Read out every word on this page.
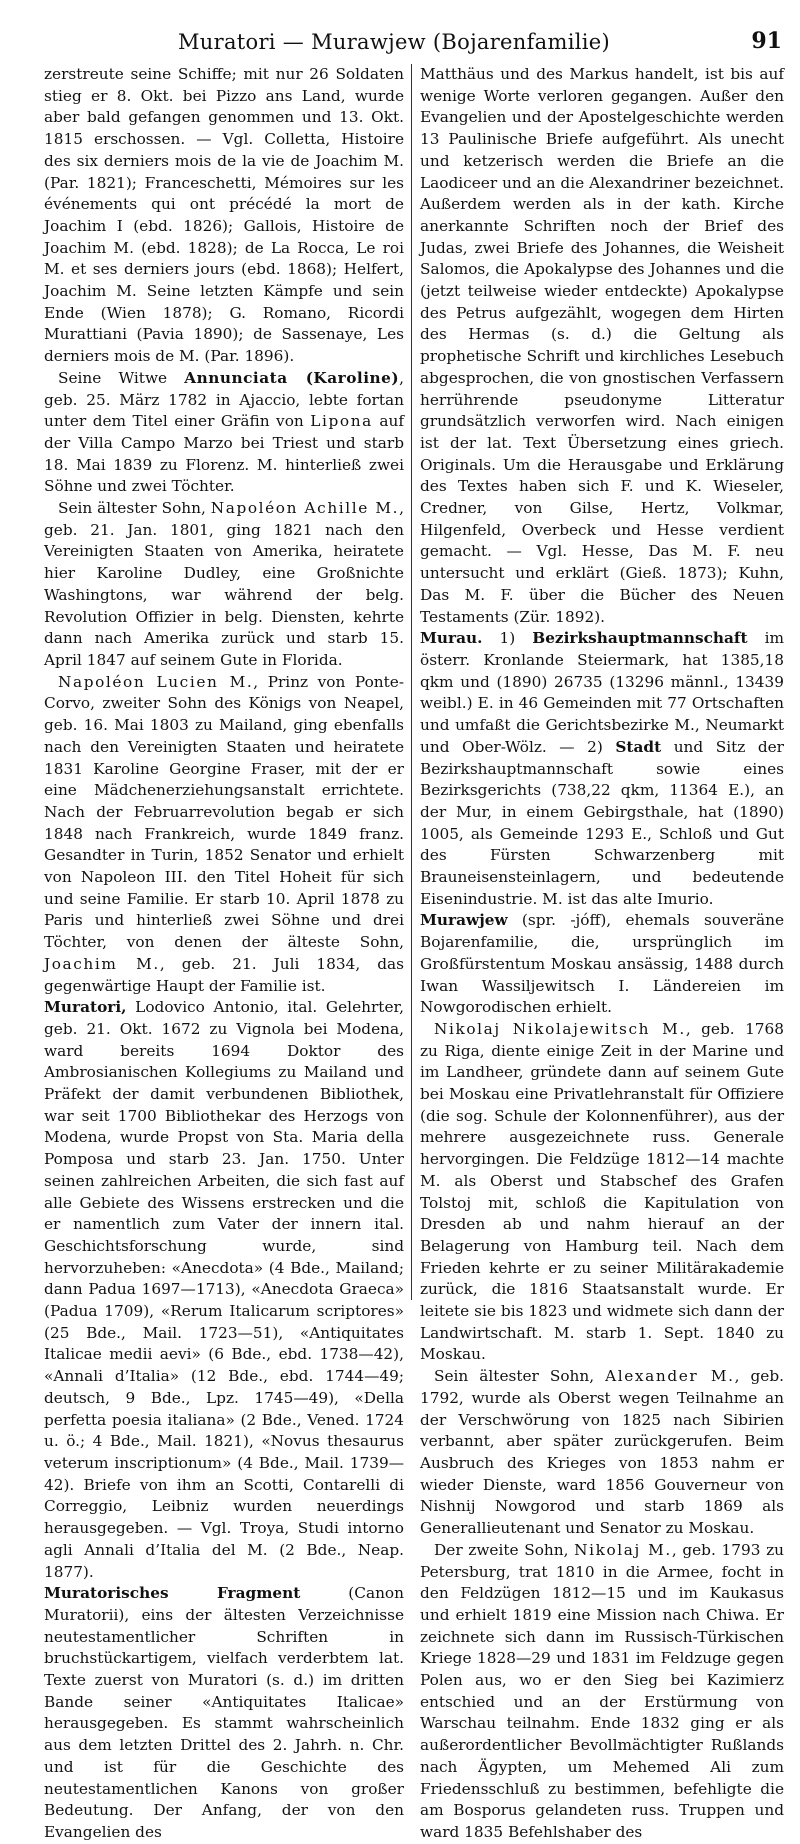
Muratori — Murawjew (Bojarenfamilie)	91

zerstreute seine Schiffe; mit nur 26 Soldaten stieg er 8. Okt. bei Pizzo ans Land, wurde aber bald gefangen genommen und 13. Okt. 1815 erschossen. — Vgl. Colletta, Histoire des six derniers mois de la vie de Joachim M. (Par. 1821); Franceschetti, Mémoires sur les événements qui ont précédé la mort de Joachim I (ebd. 1826); Gallois, Histoire de Joachim M. (ebd. 1828); de La Rocca, Le roi M. et ses derniers jours (ebd. 1868); Helfert, Joachim M. Seine letzten Kämpfe und sein Ende (Wien 1878); G. Romano, Ricordi Murattiani (Pavia 1890); de Sassenaye, Les derniers mois de M. (Par. 1896).

Seine Witwe Annunciata (Karoline), geb. 25. März 1782 in Ajaccio, lebte fortan unter dem Titel einer Gräfin von Lipona auf der Villa Campo Marzo bei Triest und starb 18. Mai 1839 zu Florenz. M. hinterließ zwei Söhne und zwei Töchter.

Sein ältester Sohn, Napoléon Achille M., geb. 21. Jan. 1801, ging 1821 nach den Vereinigten Staaten von Amerika, heiratete hier Karoline Dudley, eine Großnichte Washingtons, war während der belg. Revolution Offizier in belg. Diensten, kehrte dann nach Amerika zurück und starb 15. April 1847 auf seinem Gute in Florida.

Napoléon Lucien M., Prinz von Ponte-Corvo, zweiter Sohn des Königs von Neapel, geb. 16. Mai 1803 zu Mailand, ging ebenfalls nach den Vereinigten Staaten und heiratete 1831 Karoline Georgine Fraser, mit der er eine Mädchenerziehungsanstalt errichtete. Nach der Februarrevolution begab er sich 1848 nach Frankreich, wurde 1849 franz. Gesandter in Turin, 1852 Senator und erhielt von Napoleon III. den Titel Hoheit für sich und seine Familie. Er starb 10. April 1878 zu Paris und hinterließ zwei Söhne und drei Töchter, von denen der älteste Sohn, Joachim M., geb. 21. Juli 1834, das gegenwärtige Haupt der Familie ist.

Muratori, Lodovico Antonio, ital. Gelehrter, geb. 21. Okt. 1672 zu Vignola bei Modena, ward bereits 1694 Doktor des Ambrosianischen Kollegiums zu Mailand und Präfekt der damit verbundenen Bibliothek, war seit 1700 Bibliothekar des Herzogs von Modena, wurde Propst von Sta. Maria della Pomposa und starb 23. Jan. 1750. Unter seinen zahlreichen Arbeiten, die sich fast auf alle Gebiete des Wissens erstrecken und die er namentlich zum Vater der innern ital. Geschichtsforschung wurde, sind hervorzuheben: «Anecdota» (4 Bde., Mailand; dann Padua 1697—1713), «Anecdota Graeca» (Padua 1709), «Rerum Italicarum scriptores» (25 Bde., Mail. 1723—51), «Antiquitates Italicae medii aevi» (6 Bde., ebd. 1738—42), «Annali d’Italia» (12 Bde., ebd. 1744—49; deutsch, 9 Bde., Lpz. 1745—49), «Della perfetta poesia italiana» (2 Bde., Vened. 1724 u. ö.; 4 Bde., Mail. 1821), «Novus thesaurus veterum inscriptionum» (4 Bde., Mail. 1739—42). Briefe von ihm an Scotti, Contarelli di Correggio, Leibniz wurden neuerdings herausgegeben. — Vgl. Troya, Studi intorno agli Annali d’Italia del M. (2 Bde., Neap. 1877).

Muratorisches Fragment (Canon Muratorii), eins der ältesten Verzeichnisse neutestamentlicher Schriften in bruchstückartigem, vielfach verderbtem lat. Texte zuerst von Muratori (s. d.) im dritten Bande seiner «Antiquitates Italicae» herausgegeben. Es stammt wahrscheinlich aus dem letzten Drittel des 2. Jahrh. n. Chr. und ist für die Geschichte des neutestamentlichen Kanons von großer Bedeutung. Der Anfang, der von den Evangelien des

Matthäus und des Markus handelt, ist bis auf wenige Worte verloren gegangen. Außer den Evangelien und der Apostelgeschichte werden 13 Paulinische Briefe aufgeführt. Als unecht und ketzerisch werden die Briefe an die Laodiceer und an die Alexandriner bezeichnet. Außerdem werden als in der kath. Kirche anerkannte Schriften noch der Brief des Judas, zwei Briefe des Johannes, die Weisheit Salomos, die Apokalypse des Johannes und die (jetzt teilweise wieder entdeckte) Apokalypse des Petrus aufgezählt, wogegen dem Hirten des Hermas (s. d.) die Geltung als prophetische Schrift und kirchliches Lesebuch abgesprochen, die von gnostischen Verfassern herrührende pseudonyme Litteratur grundsätzlich verworfen wird. Nach einigen ist der lat. Text Übersetzung eines griech. Originals. Um die Herausgabe und Erklärung des Textes haben sich F. und K. Wieseler, Credner, von Gilse, Hertz, Volkmar, Hilgenfeld, Overbeck und Hesse verdient gemacht. — Vgl. Hesse, Das M. F. neu untersucht und erklärt (Gieß. 1873); Kuhn, Das M. F. über die Bücher des Neuen Testaments (Zür. 1892).

Murau. 1) Bezirkshauptmannschaft im österr. Kronlande Steiermark, hat 1385,18 qkm und (1890) 26735 (13296 männl., 13439 weibl.) E. in 46 Gemeinden mit 77 Ortschaften und umfaßt die Gerichtsbezirke M., Neumarkt und Ober-Wölz. — 2) Stadt und Sitz der Bezirkshauptmannschaft sowie eines Bezirksgerichts (738,22 qkm, 11364 E.), an der Mur, in einem Gebirgsthale, hat (1890) 1005, als Gemeinde 1293 E., Schloß und Gut des Fürsten Schwarzenberg mit Brauneisensteinlagern, und bedeutende Eisenindustrie. M. ist das alte Imurio.

Murawjew (spr. -jóff), ehemals souveräne Bojarenfamilie, die, ursprünglich im Großfürstentum Moskau ansässig, 1488 durch Iwan Wassiljewitsch I. Ländereien im Nowgorodischen erhielt.

Nikolaj Nikolajewitsch M., geb. 1768 zu Riga, diente einige Zeit in der Marine und im Landheer, gründete dann auf seinem Gute bei Moskau eine Privatlehranstalt für Offiziere (die sog. Schule der Kolonnenführer), aus der mehrere ausgezeichnete russ. Generale hervorgingen. Die Feldzüge 1812—14 machte M. als Oberst und Stabschef des Grafen Tolstoj mit, schloß die Kapitulation von Dresden ab und nahm hierauf an der Belagerung von Hamburg teil. Nach dem Frieden kehrte er zu seiner Militärakademie zurück, die 1816 Staatsanstalt wurde. Er leitete sie bis 1823 und widmete sich dann der Landwirtschaft. M. starb 1. Sept. 1840 zu Moskau.

Sein ältester Sohn, Alexander M., geb. 1792, wurde als Oberst wegen Teilnahme an der Verschwörung von 1825 nach Sibirien verbannt, aber später zurückgerufen. Beim Ausbruch des Krieges von 1853 nahm er wieder Dienste, ward 1856 Gouverneur von Nishnij Nowgorod und starb 1869 als Generallieutenant und Senator zu Moskau.

Der zweite Sohn, Nikolaj M., geb. 1793 zu Petersburg, trat 1810 in die Armee, focht in den Feldzügen 1812—15 und im Kaukasus und erhielt 1819 eine Mission nach Chiwa. Er zeichnete sich dann im Russisch-Türkischen Kriege 1828—29 und 1831 im Feldzuge gegen Polen aus, wo er den Sieg bei Kazimierz entschied und an der Erstürmung von Warschau teilnahm. Ende 1832 ging er als außerordentlicher Bevollmächtigter Rußlands nach Ägypten, um Mehemed Ali zum Friedensschluß zu bestimmen, befehligte die am Bosporus gelandeten russ. Truppen und ward 1835 Befehlshaber des
